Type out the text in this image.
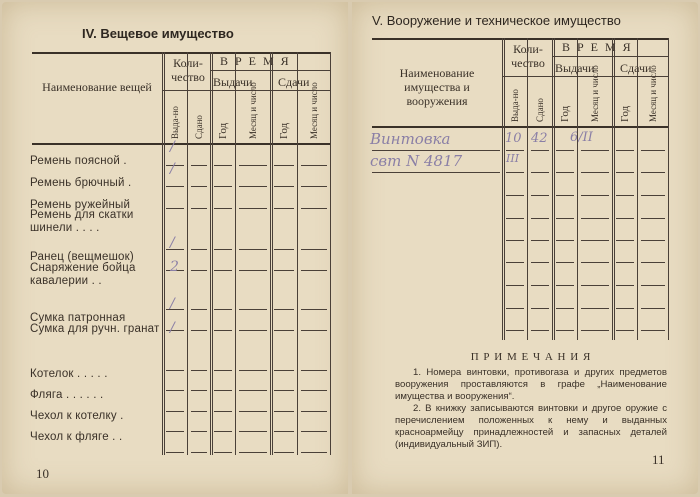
IV. Вещевое имущество
V. Вооружение и техническое имущество
П Р И М Е Ч А Н И Я
1. Номера винтовки, противогаза и других предметов вооружения проставляются в графе „Наименование имущества и вооружения“.
2. В книжку записываются винтовки и другое оружие с перечислением положенных к нему и выданных красноармейцу принадлежностей и запасных деталей (индивидуальный ЗИП).
10
11
Винтовка
свт N 4817
10 42 6/II
III
Наименование вещей
Коли-чество
В Р Е М Я
Выдачи Сдачи
Выда-но Сдано Год Месяц и число Год Месяц и число
Наименование имущества и вооружения
Коли-чество
В Р Е М Я
Выдачи Сдачи
Выда-но Сдано Год Месяц и число Год Месяц и число
Ремень поясной .
/
Ремень брючный .
/
Ремень ружейный
Ремень для скатки шинели . . . .
Ранец (вещмешок)
/
Снаряжение бойца кавалерии . .
2
Сумка патронная
/
Сумка для ручн. гранат /
Котелок . . . . .
Фляга . . . . . .
Чехол к котелку .
Чехол к фляге . .
